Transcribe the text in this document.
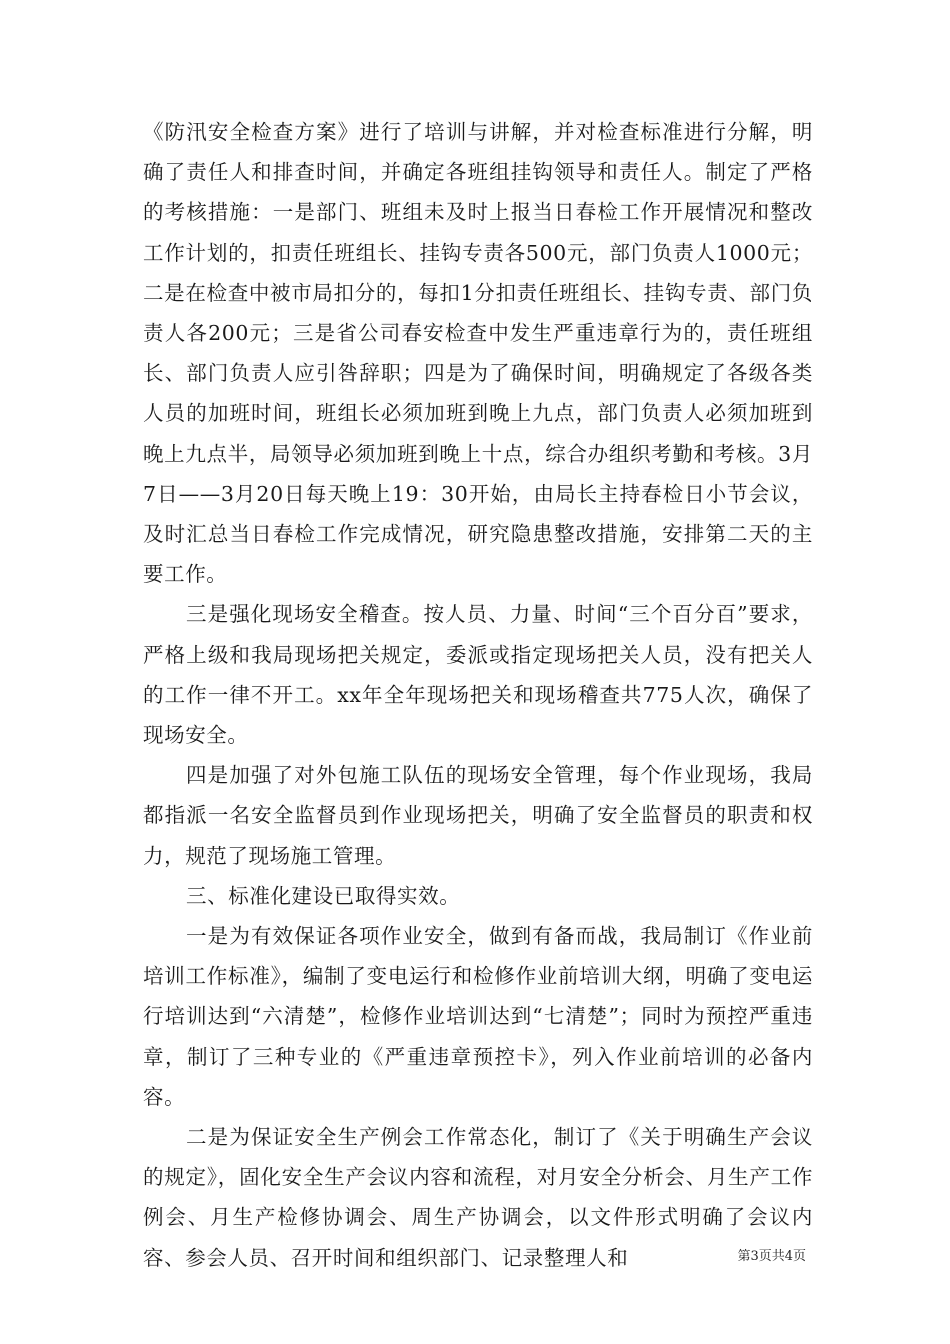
《防汛安全检查方案》进行了培训与讲解，并对检查标准进行分解，明确了责任人和排查时间，并确定各班组挂钩领导和责任人。制定了严格的考核措施：一是部门、班组未及时上报当日春检工作开展情况和整改工作计划的，扣责任班组长、挂钩专责各500元，部门负责人1000元；二是在检查中被市局扣分的，每扣1分扣责任班组长、挂钩专责、部门负责人各200元；三是省公司春安检查中发生严重违章行为的，责任班组长、部门负责人应引咎辞职；四是为了确保时间，明确规定了各级各类人员的加班时间，班组长必须加班到晚上九点，部门负责人必须加班到晚上九点半，局领导必须加班到晚上十点，综合办组织考勤和考核。3月7日——3月20日每天晚上19：30开始，由局长主持春检日小节会议，及时汇总当日春检工作完成情况，研究隐患整改措施，安排第二天的主要工作。

三是强化现场安全稽查。按人员、力量、时间“三个百分百”要求，严格上级和我局现场把关规定，委派或指定现场把关人员，没有把关人的工作一律不开工。xx年全年现场把关和现场稽查共775人次，确保了现场安全。

四是加强了对外包施工队伍的现场安全管理，每个作业现场，我局都指派一名安全监督员到作业现场把关，明确了安全监督员的职责和权力，规范了现场施工管理。

三、标准化建设已取得实效。

一是为有效保证各项作业安全，做到有备而战，我局制订《作业前培训工作标准》，编制了变电运行和检修作业前培训大纲，明确了变电运行培训达到“六清楚”，检修作业培训达到“七清楚”；同时为预控严重违章，制订了三种专业的《严重违章预控卡》，列入作业前培训的必备内容。

二是为保证安全生产例会工作常态化，制订了《关于明确生产会议的规定》，固化安全生产会议内容和流程，对月安全分析会、月生产工作例会、月生产检修协调会、周生产协调会，以文件形式明确了会议内容、参会人员、召开时间和组织部门、记录整理人和	第3页共4页
